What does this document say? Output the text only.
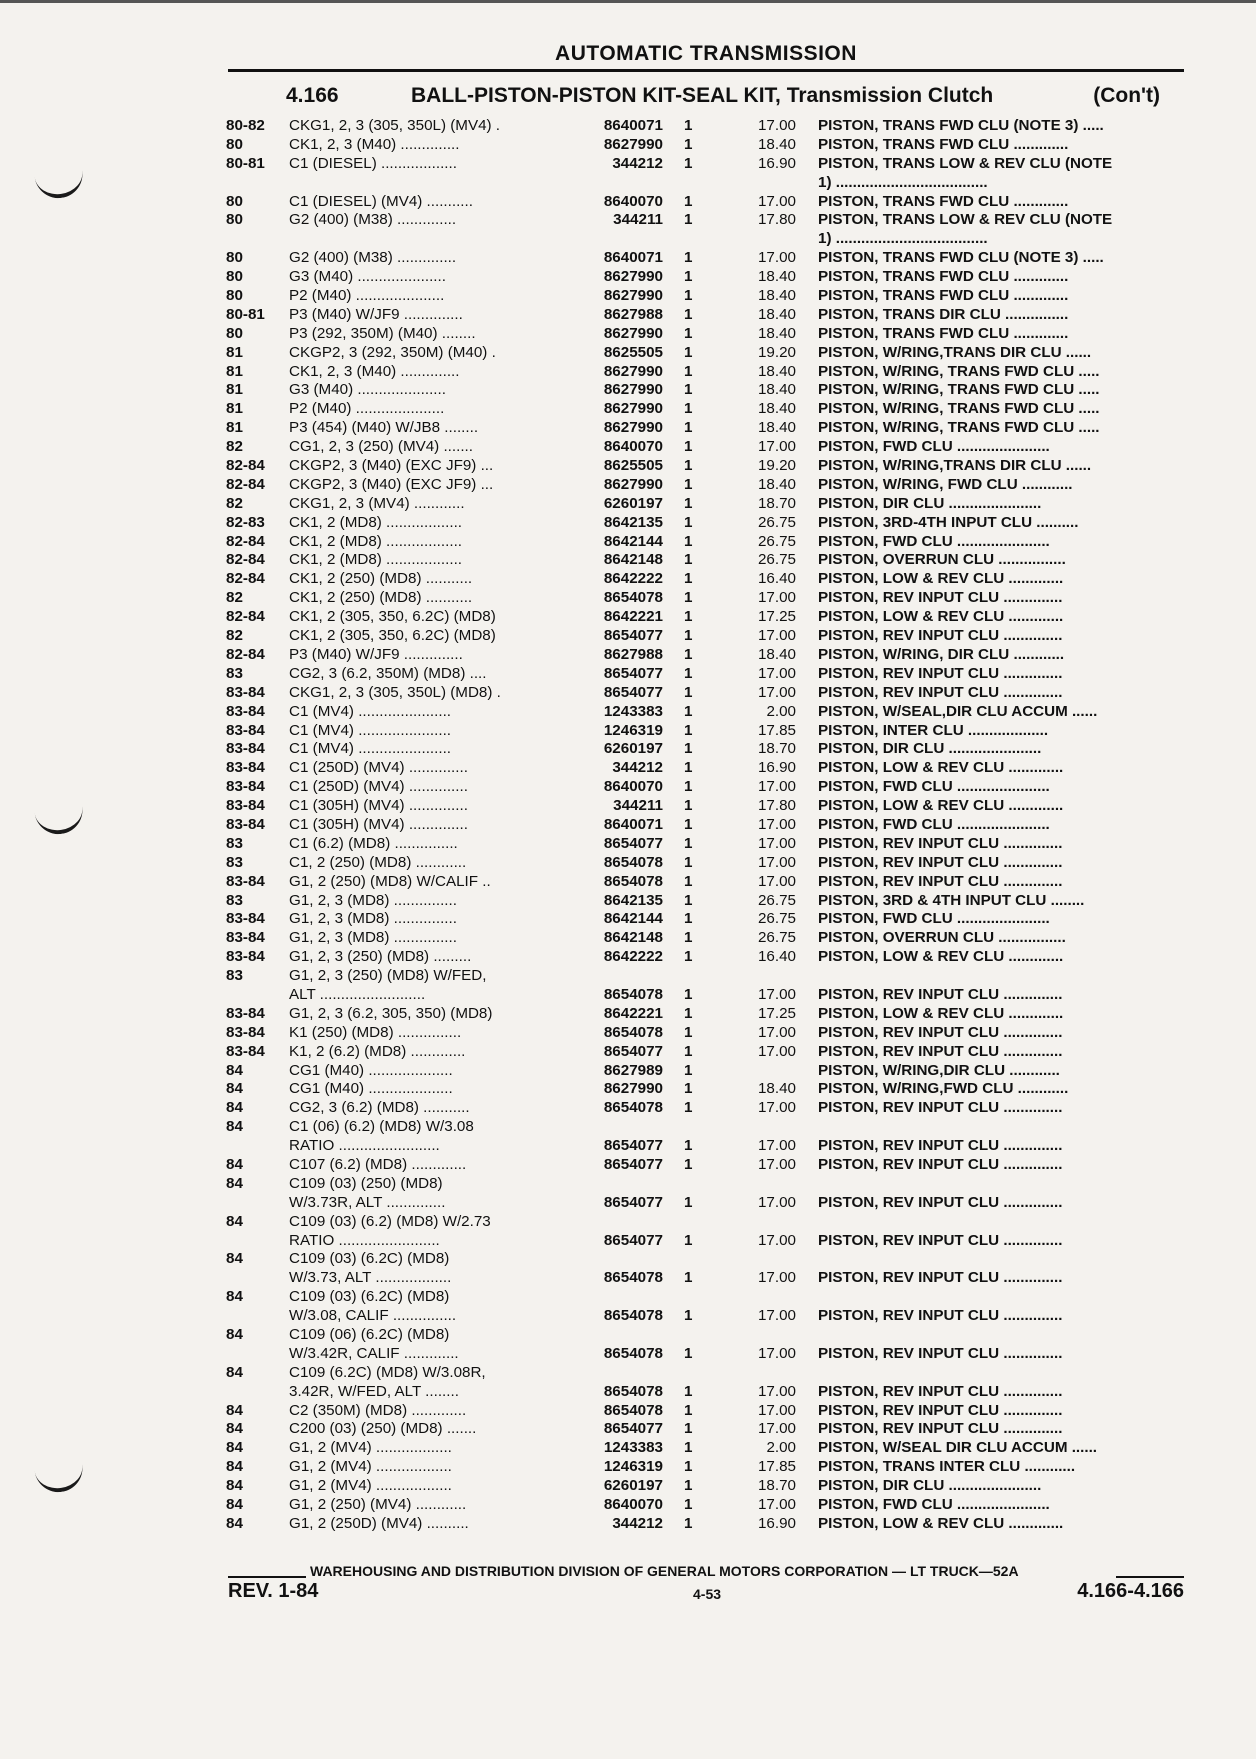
AUTOMATIC TRANSMISSION
4.166	BALL-PISTON-PISTON KIT-SEAL KIT, Transmission Clutch	(Con't)
80-82 CKG1, 2, 3 (305, 350L) (MV4) .	8640071 1	17.00 PISTON, TRANS FWD CLU (NOTE 3) .....
80	CK1, 2, 3 (M40) ..............	8627990 1	18.40 PISTON, TRANS FWD CLU .............
80-81 C1 (DIESEL) ..................	344212 1	16.90 PISTON, TRANS LOW & REV CLU (NOTE
1) ....................................
80	C1 (DIESEL) (MV4) ...........	8640070 1	17.00 PISTON, TRANS FWD CLU .............
80	G2 (400) (M38) ..............	344211 1	17.80 PISTON, TRANS LOW & REV CLU (NOTE
1) ....................................
80	G2 (400) (M38) ..............	8640071 1	17.00 PISTON, TRANS FWD CLU (NOTE 3) .....
80	G3 (M40) .....................	8627990 1	18.40 PISTON, TRANS FWD CLU .............
80	P2 (M40) .....................	8627990 1	18.40 PISTON, TRANS FWD CLU .............
80-81 P3 (M40) W/JF9 ..............	8627988 1	18.40 PISTON, TRANS DIR CLU ...............
80	P3 (292, 350M) (M40) ........	8627990 1	18.40 PISTON, TRANS FWD CLU .............
81	CKGP2, 3 (292, 350M) (M40) .	8625505 1	19.20 PISTON, W/RING,TRANS DIR CLU ......
81	CK1, 2, 3 (M40) ..............	8627990 1	18.40 PISTON, W/RING, TRANS FWD CLU .....
81	G3 (M40) .....................	8627990 1	18.40 PISTON, W/RING, TRANS FWD CLU .....
81	P2 (M40) .....................	8627990 1	18.40 PISTON, W/RING, TRANS FWD CLU .....
81	P3 (454) (M40) W/JB8 ........	8627990 1	18.40 PISTON, W/RING, TRANS FWD CLU .....
82	CG1, 2, 3 (250) (MV4) .......	8640070 1	17.00 PISTON, FWD CLU ......................
82-84 CKGP2, 3 (M40) (EXC JF9) ...	8625505 1	19.20 PISTON, W/RING,TRANS DIR CLU ......
82-84 CKGP2, 3 (M40) (EXC JF9) ...	8627990 1	18.40 PISTON, W/RING, FWD CLU ............
82	CKG1, 2, 3 (MV4) ............	6260197 1	18.70 PISTON, DIR CLU ......................
82-83 CK1, 2 (MD8) ..................	8642135 1	26.75 PISTON, 3RD-4TH INPUT CLU ..........
82-84 CK1, 2 (MD8) ..................	8642144 1	26.75 PISTON, FWD CLU ......................
82-84 CK1, 2 (MD8) ..................	8642148 1	26.75 PISTON, OVERRUN CLU ................
82-84 CK1, 2 (250) (MD8) ...........	8642222 1	16.40 PISTON, LOW & REV CLU .............
82	CK1, 2 (250) (MD8) ...........	8654078 1	17.00 PISTON, REV INPUT CLU ..............
82-84 CK1, 2 (305, 350, 6.2C) (MD8)	8642221 1	17.25 PISTON, LOW & REV CLU .............
82	CK1, 2 (305, 350, 6.2C) (MD8)	8654077 1	17.00 PISTON, REV INPUT CLU ..............
82-84 P3 (M40) W/JF9 ..............	8627988 1	18.40 PISTON, W/RING, DIR CLU ............
83	CG2, 3 (6.2, 350M) (MD8) ....	8654077 1	17.00 PISTON, REV INPUT CLU ..............
83-84 CKG1, 2, 3 (305, 350L) (MD8) .	8654077 1	17.00 PISTON, REV INPUT CLU ..............
83-84 C1 (MV4) ......................	1243383 1	2.00 PISTON, W/SEAL,DIR CLU ACCUM ......
83-84 C1 (MV4) ......................	1246319 1	17.85 PISTON, INTER CLU ...................
83-84 C1 (MV4) ......................	6260197 1	18.70 PISTON, DIR CLU ......................
83-84 C1 (250D) (MV4) ..............	344212 1	16.90 PISTON, LOW & REV CLU .............
83-84 C1 (250D) (MV4) ..............	8640070 1	17.00 PISTON, FWD CLU ......................
83-84 C1 (305H) (MV4) ..............	344211 1	17.80 PISTON, LOW & REV CLU .............
83-84 C1 (305H) (MV4) ..............	8640071 1	17.00 PISTON, FWD CLU ......................
83	C1 (6.2) (MD8) ...............	8654077 1	17.00 PISTON, REV INPUT CLU ..............
83	C1, 2 (250) (MD8) ............	8654078 1	17.00 PISTON, REV INPUT CLU ..............
83-84 G1, 2 (250) (MD8) W/CALIF ..	8654078 1	17.00 PISTON, REV INPUT CLU ..............
83	G1, 2, 3 (MD8) ...............	8642135 1	26.75 PISTON, 3RD & 4TH INPUT CLU ........
83-84 G1, 2, 3 (MD8) ...............	8642144 1	26.75 PISTON, FWD CLU ......................
83-84 G1, 2, 3 (MD8) ...............	8642148 1	26.75 PISTON, OVERRUN CLU ................
83-84 G1, 2, 3 (250) (MD8) .........	8642222 1	16.40 PISTON, LOW & REV CLU .............
83	G1, 2, 3 (250) (MD8) W/FED,
ALT .........................	8654078 1	17.00 PISTON, REV INPUT CLU ..............
83-84 G1, 2, 3 (6.2, 305, 350) (MD8)	8642221 1	17.25 PISTON, LOW & REV CLU .............
83-84 K1 (250) (MD8) ...............	8654078 1	17.00 PISTON, REV INPUT CLU ..............
83-84 K1, 2 (6.2) (MD8) .............	8654077 1	17.00 PISTON, REV INPUT CLU ..............
84	CG1 (M40) ....................	8627989 1	PISTON, W/RING,DIR CLU ............
84	CG1 (M40) ....................	8627990 1	18.40 PISTON, W/RING,FWD CLU ............
84	CG2, 3 (6.2) (MD8) ...........	8654078 1	17.00 PISTON, REV INPUT CLU ..............
84	C1 (06) (6.2) (MD8) W/3.08
RATIO ........................	8654077 1	17.00 PISTON, REV INPUT CLU ..............
84	C107 (6.2) (MD8) .............	8654077 1	17.00 PISTON, REV INPUT CLU ..............
84	C109 (03) (250) (MD8)
W/3.73R, ALT ..............	8654077 1	17.00 PISTON, REV INPUT CLU ..............
84	C109 (03) (6.2) (MD8) W/2.73
RATIO ........................	8654077 1	17.00 PISTON, REV INPUT CLU ..............
84	C109 (03) (6.2C) (MD8)
W/3.73, ALT ..................	8654078 1	17.00 PISTON, REV INPUT CLU ..............
84	C109 (03) (6.2C) (MD8)
W/3.08, CALIF ...............	8654078 1	17.00 PISTON, REV INPUT CLU ..............
84	C109 (06) (6.2C) (MD8)
W/3.42R, CALIF .............	8654078 1	17.00 PISTON, REV INPUT CLU ..............
84	C109 (6.2C) (MD8) W/3.08R,
3.42R, W/FED, ALT ........	8654078 1	17.00 PISTON, REV INPUT CLU ..............
84	C2 (350M) (MD8) .............	8654078 1	17.00 PISTON, REV INPUT CLU ..............
84	C200 (03) (250) (MD8) .......	8654077 1	17.00 PISTON, REV INPUT CLU ..............
84	G1, 2 (MV4) ..................	1243383 1	2.00 PISTON, W/SEAL DIR CLU ACCUM ......
84	G1, 2 (MV4) ..................	1246319 1	17.85 PISTON, TRANS INTER CLU ............
84	G1, 2 (MV4) ..................	6260197 1	18.70 PISTON, DIR CLU ......................
84	G1, 2 (250) (MV4) ............	8640070 1	17.00 PISTON, FWD CLU ......................
84	G1, 2 (250D) (MV4) ..........	344212 1	16.90 PISTON, LOW & REV CLU .............
WAREHOUSING AND DISTRIBUTION DIVISION OF GENERAL MOTORS CORPORATION — LT TRUCK—52A
REV. 1-84	4-53	4.166-4.166
